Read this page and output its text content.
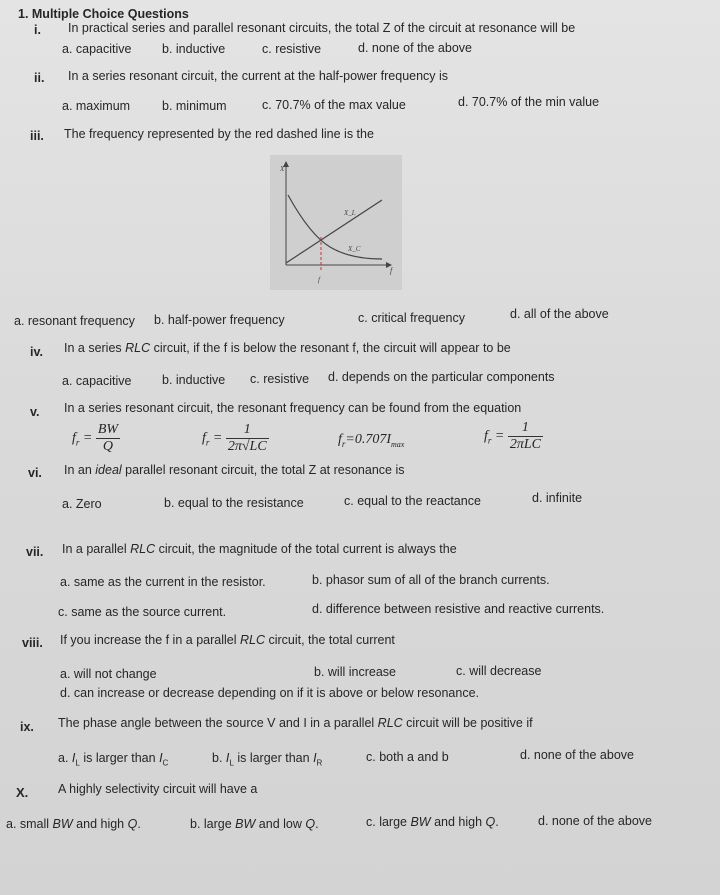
1. Multiple Choice Questions
i. In practical series and parallel resonant circuits, the total Z of the circuit at resonance will be
a. capacitive b. inductive	c. resistive	d. none of the above
ii. In a series resonant circuit, the current at the half-power frequency is
a. maximum	b. minimum	c. 70.7% of the max value	d. 70.7% of the min value
iii. The frequency represented by the red dashed line is the
X
X_L
X_C
f
f
a. resonant frequency b. half-power frequency	c. critical frequency	d. all of the above
iv. In a series RLC circuit, if the f is below the resonant f, the circuit will appear to be
a. capacitive b. inductive c. resistive d. depends on the particular components
v. In a series resonant circuit, the resonant frequency can be found from the equation
$f_r = \frac{BW}{Q}$	$f_r = \frac{1}{2\pi√LC}$	$f_r=0.707I_{max}$
$f_r = \frac{1}{\text{2πLC}}$
vi. In an ideal parallel resonant circuit, the total Z at resonance is
a. Zero	b. equal to the resistance	c. equal to the reactance	d. infinite
vii. In a parallel RLC circuit, the magnitude of the total current is always the
a. same as the current in the resistor.	b. phasor sum of all of the branch currents.
c. same as the source current.	d. difference between resistive and reactive currents.
viii. If you increase the f in a parallel RLC circuit, the total current
a. will not change	b. will increase	c. will decrease
d. can increase or decrease depending on if it is above or below resonance.
ix. The phase angle between the source V and I in a parallel RLC circuit will be positive if
a. $I_L$ is larger than $I_C$	b. $I_L$ is larger than $I_R$	c. both a and b	d. none of the above
X. A highly selectivity circuit will have a
a. small BW and high Q.	b. large BW and low Q.	c. large BW and high Q.	d. none of the above
